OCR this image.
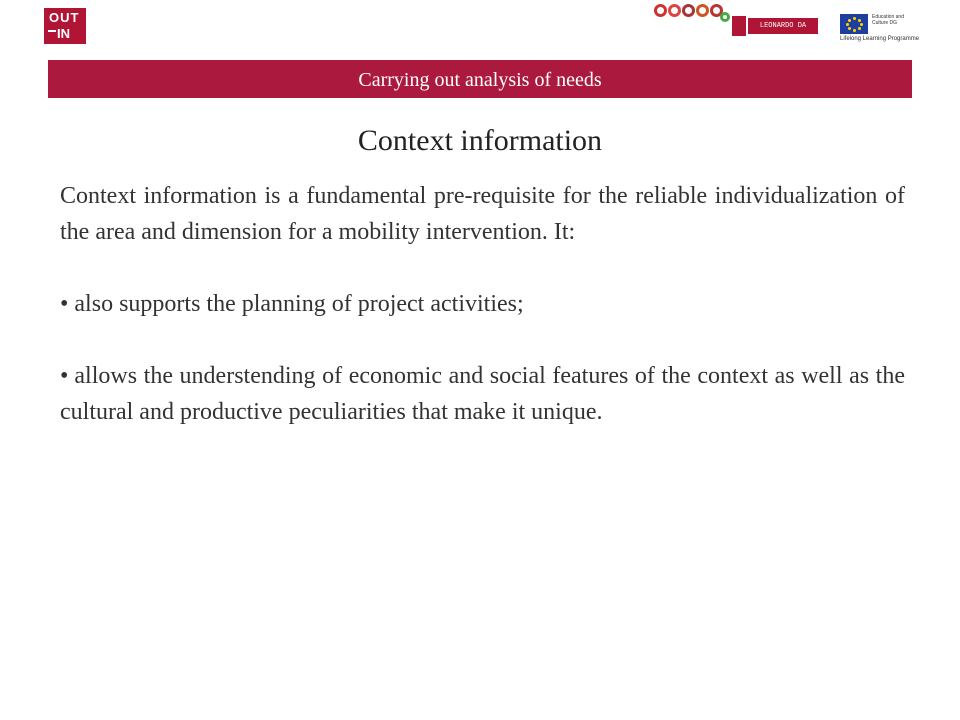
OUT
IN	LEONARDO DA VINCI
Education and Culture DG
Lifelong Learning Programme
Carrying out analysis of needs
Context information

Context information is a fundamental pre-requisite for the reliable individualization of the area and dimension for a mobility intervention. It:

• also supports the planning of project activities;

• allows the understending of economic and social features of the context as well as the cultural and productive peculiarities that make it unique.
